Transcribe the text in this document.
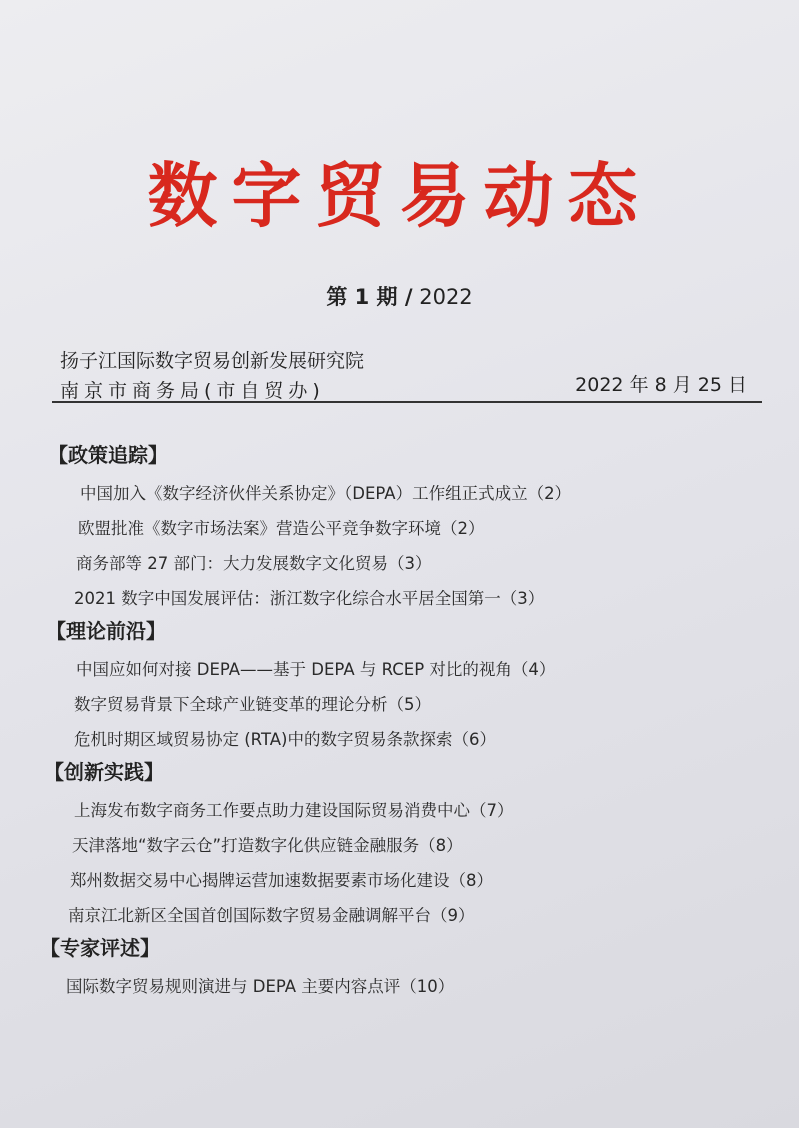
数字贸易动态
第 1 期 / 2022
扬子江国际数字贸易创新发展研究院
南京市商务局(市自贸办)	2022 年 8 月 25 日
【政策追踪】
中国加入《数字经济伙伴关系协定》（DEPA）工作组正式成立（2）
欧盟批准《数字市场法案》营造公平竞争数字环境（2）
商务部等 27 部门：大力发展数字文化贸易（3）
2021 数字中国发展评估：浙江数字化综合水平居全国第一（3）
【理论前沿】
中国应如何对接 DEPA——基于 DEPA 与 RCEP 对比的视角（4）
数字贸易背景下全球产业链变革的理论分析（5）
危机时期区域贸易协定 (RTA)中的数字贸易条款探索（6）
【创新实践】
上海发布数字商务工作要点助力建设国际贸易消费中心（7）
天津落地“数字云仓”打造数字化供应链金融服务（8）
郑州数据交易中心揭牌运营加速数据要素市场化建设（8）
南京江北新区全国首创国际数字贸易金融调解平台（9）
【专家评述】
国际数字贸易规则演进与 DEPA 主要内容点评（10）
